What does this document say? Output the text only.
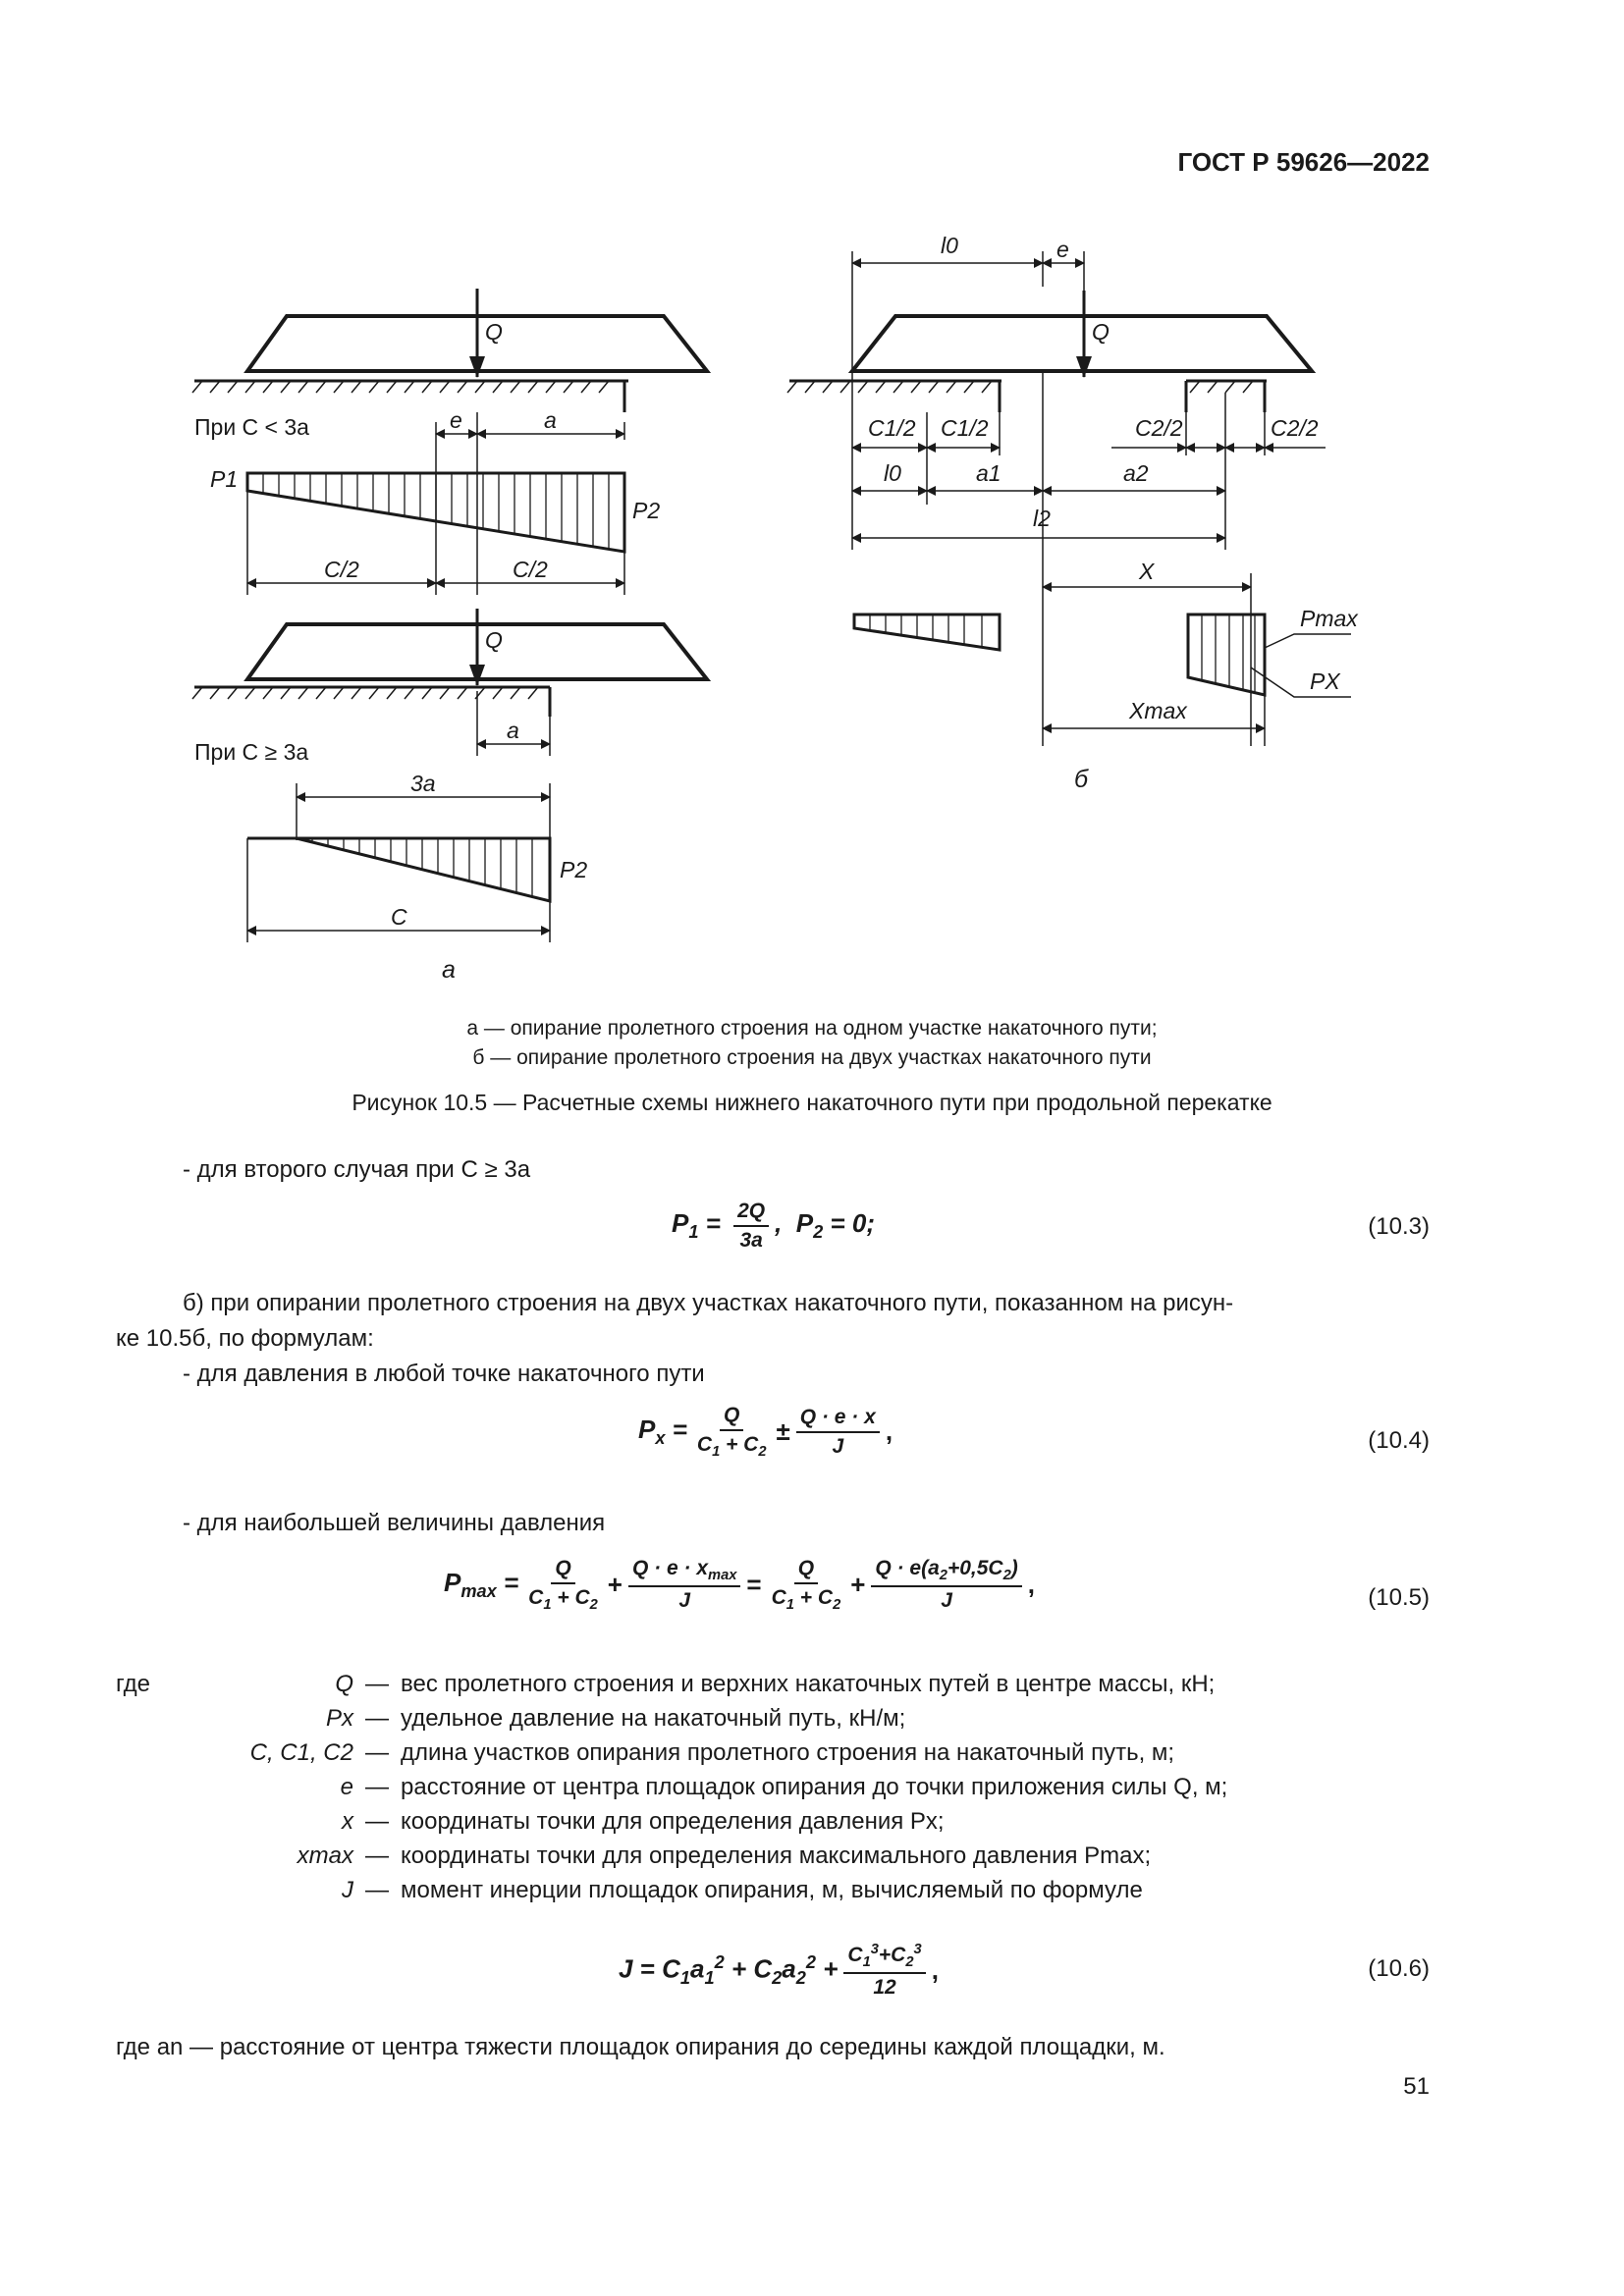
ГОСТ Р 59626—2022
Q
При C < 3a	e	a
P1
P2
C/2	C/2
Q
a
При C ≥ 3a
3a
P2
C
а
l0	e
Q
C1/2 C1/2	C2/2	C2/2
l0	a1	a2
l2
X
Pmax
PX
Xmax
б
а — опирание пролетного строения на одном участке накаточного пути;
б — опирание пролетного строения на двух участках накаточного пути
Рисунок 10.5 — Расчетные схемы нижнего накаточного пути при продольной перекатке
- для второго случая при C ≥ 3a
$P_1 = \frac{2Q}{3a}$ ,  $P_2 = 0$;	(10.3)
б) при опирании пролетного строения на двух участках накаточного пути, показанном на рисун-
ке 10.5б, по формулам:
- для давления в любой точке накаточного пути
$P_x = \frac{Q}{C_1 + C_2} \pm \frac{Q \cdot e \cdot x}{J}$ ,	(10.4)
- для наибольшей величины давления
$P_{max} = \frac{Q}{C_1 + C_2} + \frac{Q \cdot e \cdot x_{max}}{J} = \frac{Q}{C_1 + C_2} + \frac{Q \cdot e(a_2+0,5C_2)}{J}$ ,	(10.5)
где	Q — вес пролетного строения и верхних накаточных путей в центре массы, кН;
Px — удельное давление на накаточный путь, кН/м;
C, C1, C2 — длина участков опирания пролетного строения на накаточный путь, м;
e — расстояние от центра площадок опирания до точки приложения силы Q, м;
x — координаты точки для определения давления Px;
xmax — координаты точки для определения максимального давления Pmax;
J — момент инерции площадок опирания, м, вычисляемый по формуле
$J = C_1a_1^2 + C_2a_2^2 + \frac{C_1^3+C_2^3}{12}$ ,	(10.6)
где an — расстояние от центра тяжести площадок опирания до середины каждой площадки, м.
51
